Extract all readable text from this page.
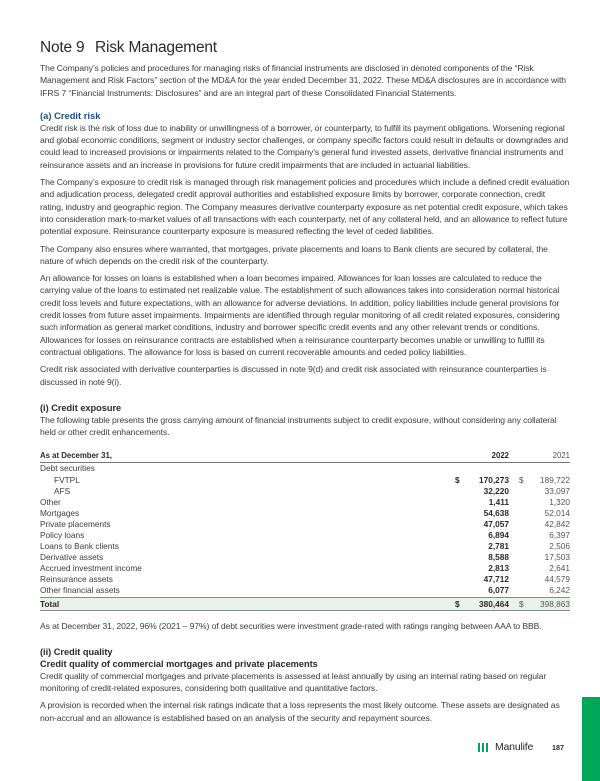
Note 9 Risk Management

The Company’s policies and procedures for managing risks of financial instruments are disclosed in denoted components of the “Risk Management and Risk Factors” section of the MD&A for the year ended December 31, 2022. These MD&A disclosures are in accordance with IFRS 7 “Financial Instruments: Disclosures” and are an integral part of these Consolidated Financial Statements.

(a) Credit risk

Credit risk is the risk of loss due to inability or unwillingness of a borrower, or counterparty, to fulfill its payment obligations. Worsening regional and global economic conditions, segment or industry sector challenges, or company specific factors could result in defaults or downgrades and could lead to increased provisions or impairments related to the Company’s general fund invested assets, derivative financial instruments and reinsurance assets and an increase in provisions for future credit impairments that are included in actuarial liabilities.

The Company’s exposure to credit risk is managed through risk management policies and procedures which include a defined credit evaluation and adjudication process, delegated credit approval authorities and established exposure limits by borrower, corporate connection, credit rating, industry and geographic region. The Company measures derivative counterparty exposure as net potential credit exposure, which takes into consideration mark-to-market values of all transactions with each counterparty, net of any collateral held, and an allowance to reflect future potential exposure. Reinsurance counterparty exposure is measured reflecting the level of ceded liabilities.

The Company also ensures where warranted, that mortgages, private placements and loans to Bank clients are secured by collateral, the nature of which depends on the credit risk of the counterparty.

An allowance for losses on loans is established when a loan becomes impaired. Allowances for loan losses are calculated to reduce the carrying value of the loans to estimated net realizable value. The establishment of such allowances takes into consideration normal historical credit loss levels and future expectations, with an allowance for adverse deviations. In addition, policy liabilities include general provisions for credit losses from future asset impairments. Impairments are identified through regular monitoring of all credit related exposures, considering such information as general market conditions, industry and borrower specific credit events and any other relevant trends or conditions. Allowances for losses on reinsurance contracts are established when a reinsurance counterparty becomes unable or unwilling to fulfill its contractual obligations. The allowance for loss is based on current recoverable amounts and ceded policy liabilities.

Credit risk associated with derivative counterparties is discussed in note 9(d) and credit risk associated with reinsurance counterparties is discussed in note 9(i).

(i) Credit exposure

The following table presents the gross carrying amount of financial instruments subject to credit exposure, without considering any collateral held or other credit enhancements.

As at December 31,	2022	2021
Debt securities		
FVTPL	$ 170,273	$ 189,722
AFS	32,220	33,097
Other	1,411	1,320
Mortgages	54,638	52,014
Private placements	47,057	42,842
Policy loans	6,894	6,397
Loans to Bank clients	2,781	2,506
Derivative assets	8,588	17,503
Accrued investment income	2,813	2,641
Reinsurance assets	47,712	44,579
Other financial assets	6,077	6,242
Total	$ 380,464	$ 398,863

As at December 31, 2022, 96% (2021 – 97%) of debt securities were investment grade-rated with ratings ranging between AAA to BBB.

(ii) Credit quality
Credit quality of commercial mortgages and private placements

Credit quality of commercial mortgages and private placements is assessed at least annually by using an internal rating based on regular monitoring of credit-related exposures, considering both qualitative and quantitative factors.

A provision is recorded when the internal risk ratings indicate that a loss represents the most likely outcome. These assets are designated as non-accrual and an allowance is established based on an analysis of the security and repayment sources.

Manulife	187
